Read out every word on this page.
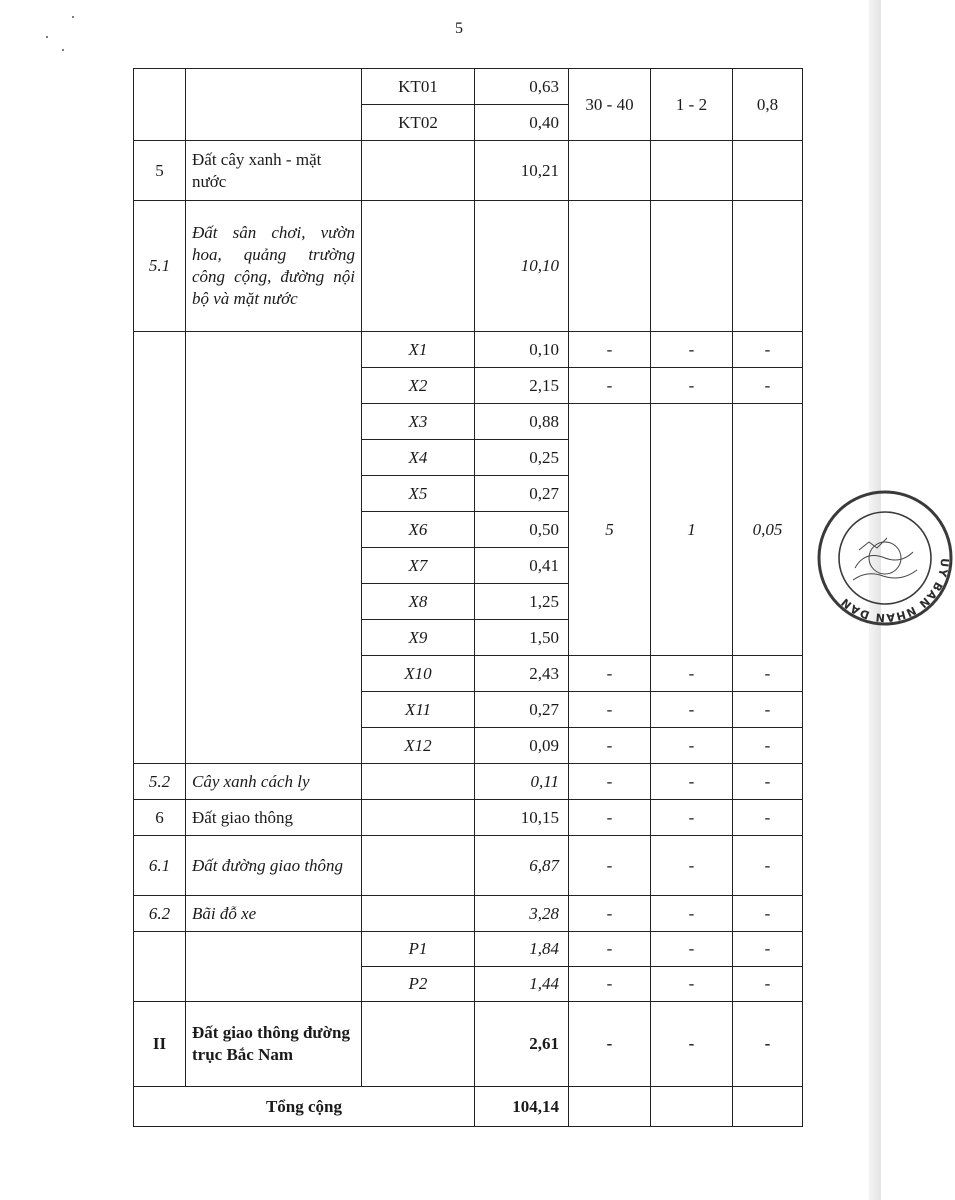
5
		KT01	0,63	30 - 40	1 - 2	0,8
		KT02	0,40			
5	Đất cây xanh - mặt nước		10,21			
5.1	Đất sân chơi, vườn hoa, quảng trường công cộng, đường nội bộ và mặt nước		10,10			
		X1	0,10	-	-	-
		X2	2,15	-	-	-
		X3	0,88	5	1	0,05
		X4	0,25			
		X5	0,27			
		X6	0,50			
		X7	0,41			
		X8	1,25			
		X9	1,50			
		X10	2,43	-	-	-
		X11	0,27	-	-	-
		X12	0,09	-	-	-
5.2	Cây xanh cách ly		0,11	-	-	-
6	Đất giao thông		10,15	-	-	-
6.1	Đất đường giao thông		6,87	-	-	-
6.2	Bãi đỗ xe		3,28	-	-	-
		P1	1,84	-	-	-
		P2	1,44	-	-	-
II	Đất giao thông đường trục Bắc Nam		2,61	-	-	-
Tổng cộng			104,14			
ỦY BAN NHÂN DÂN
